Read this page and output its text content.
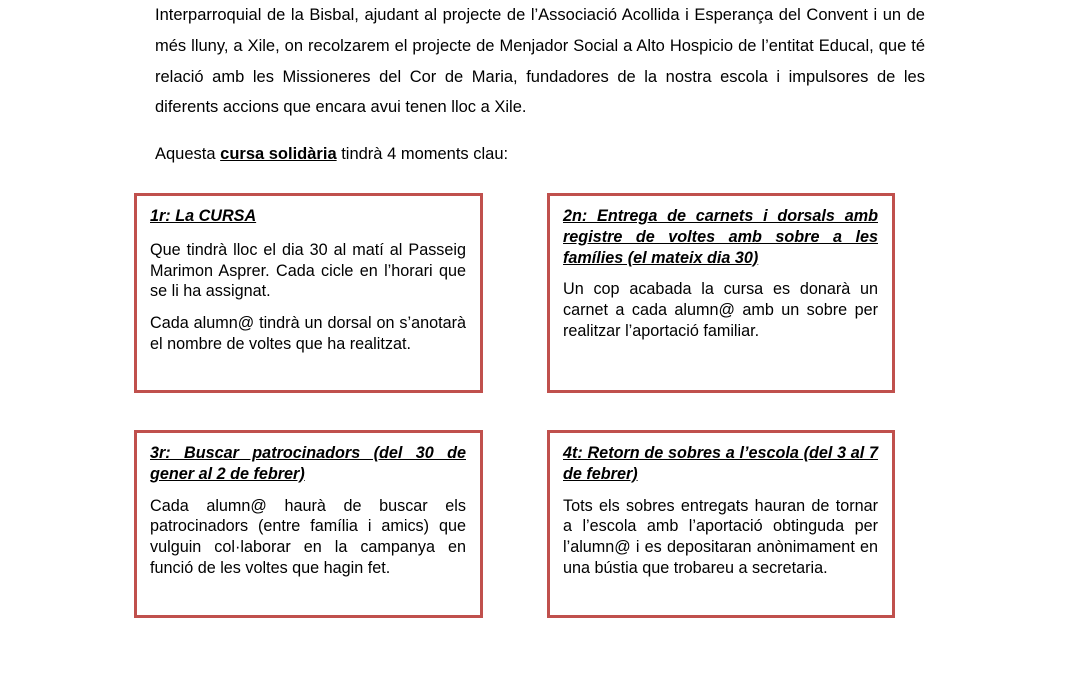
Interparroquial de la Bisbal, ajudant al projecte de l’Associació Acollida i Esperança del Convent i un de més lluny, a Xile, on recolzarem el projecte de Menjador Social a Alto Hospicio de l’entitat Educal, que té relació amb les Missioneres del Cor de Maria, fundadores de la nostra escola i impulsores de les diferents accions que encara avui tenen lloc a Xile.

Aquesta cursa solidària tindrà 4 moments clau:

1r: La CURSA

Que tindrà lloc el dia 30 al matí al Passeig Marimon Asprer. Cada cicle en l’horari que se li ha assignat.

Cada alumn@ tindrà un dorsal on s’anotarà el nombre de voltes que ha realitzat.

2n: Entrega de carnets i dorsals amb registre de voltes amb sobre a les famílies (el mateix dia 30)

Un cop acabada la cursa es donarà un carnet a cada alumn@ amb un sobre per realitzar l’aportació familiar.

3r: Buscar patrocinadors (del 30 de gener al 2 de febrer)

Cada alumn@ haurà de buscar els patrocinadors (entre família i amics) que vulguin col·laborar en la campanya en funció de les voltes que hagin fet.

4t: Retorn de sobres a l’escola (del 3 al 7 de febrer)

Tots els sobres entregats hauran de tornar a l’escola amb l’aportació obtinguda per l’alumn@ i es depositaran anònimament en una bústia que trobareu a secretaria.
